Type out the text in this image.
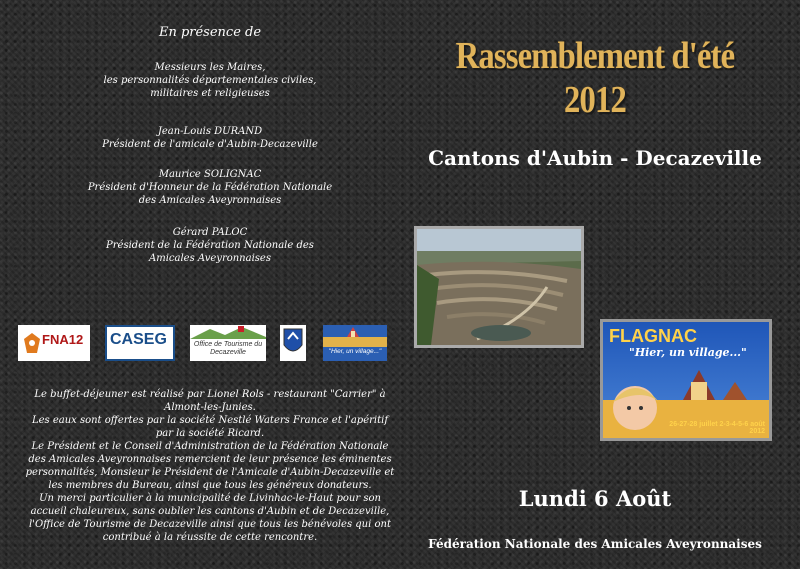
En présence de
Messieurs les Maires,
les personnalités départementales civiles,
militaires et religieuses
Jean-Louis DURAND
Président de l'amicale d'Aubin-Decazeville
Maurice SOLIGNAC
Président d'Honneur de la Fédération Nationale
des Amicales Aveyronnaises
Gérard PALOC
Président de la Fédération Nationale des
Amicales Aveyronnaises
FNA12 CASEG	Office de Tourisme du Decazeville	"Hier, un village..."
Le buffet-déjeuner est réalisé par Lionel Rols - restaurant "Carrier" à
Almont-les-Junies.
Les eaux sont offertes par la société Nestlé Waters France et l'apéritif
par la société Ricard.
Le Président et le Conseil d'Administration de la Fédération Nationale
des Amicales Aveyronnaises remercient de leur présence les éminentes
personnalités, Monsieur le Président de l'Amicale d'Aubin-Decazeville et
les membres du Bureau, ainsi que tous les généreux donateurs.
Un merci particulier à la municipalité de Livinhac-le-Haut pour son
accueil chaleureux, sans oublier les cantons d'Aubin et de Decazeville,
l'Office de Tourisme de Decazeville ainsi que tous les bénévoles qui ont
contribué à la réussite de cette rencontre.
Rassemblement d'été 2012
Cantons d'Aubin - Decazeville
FLAGNAC
"Hier, un village..."
26-27-28 juillet 2-3-4-5-6 août 2012
Lundi 6 Août
Fédération Nationale des Amicales Aveyronnaises
